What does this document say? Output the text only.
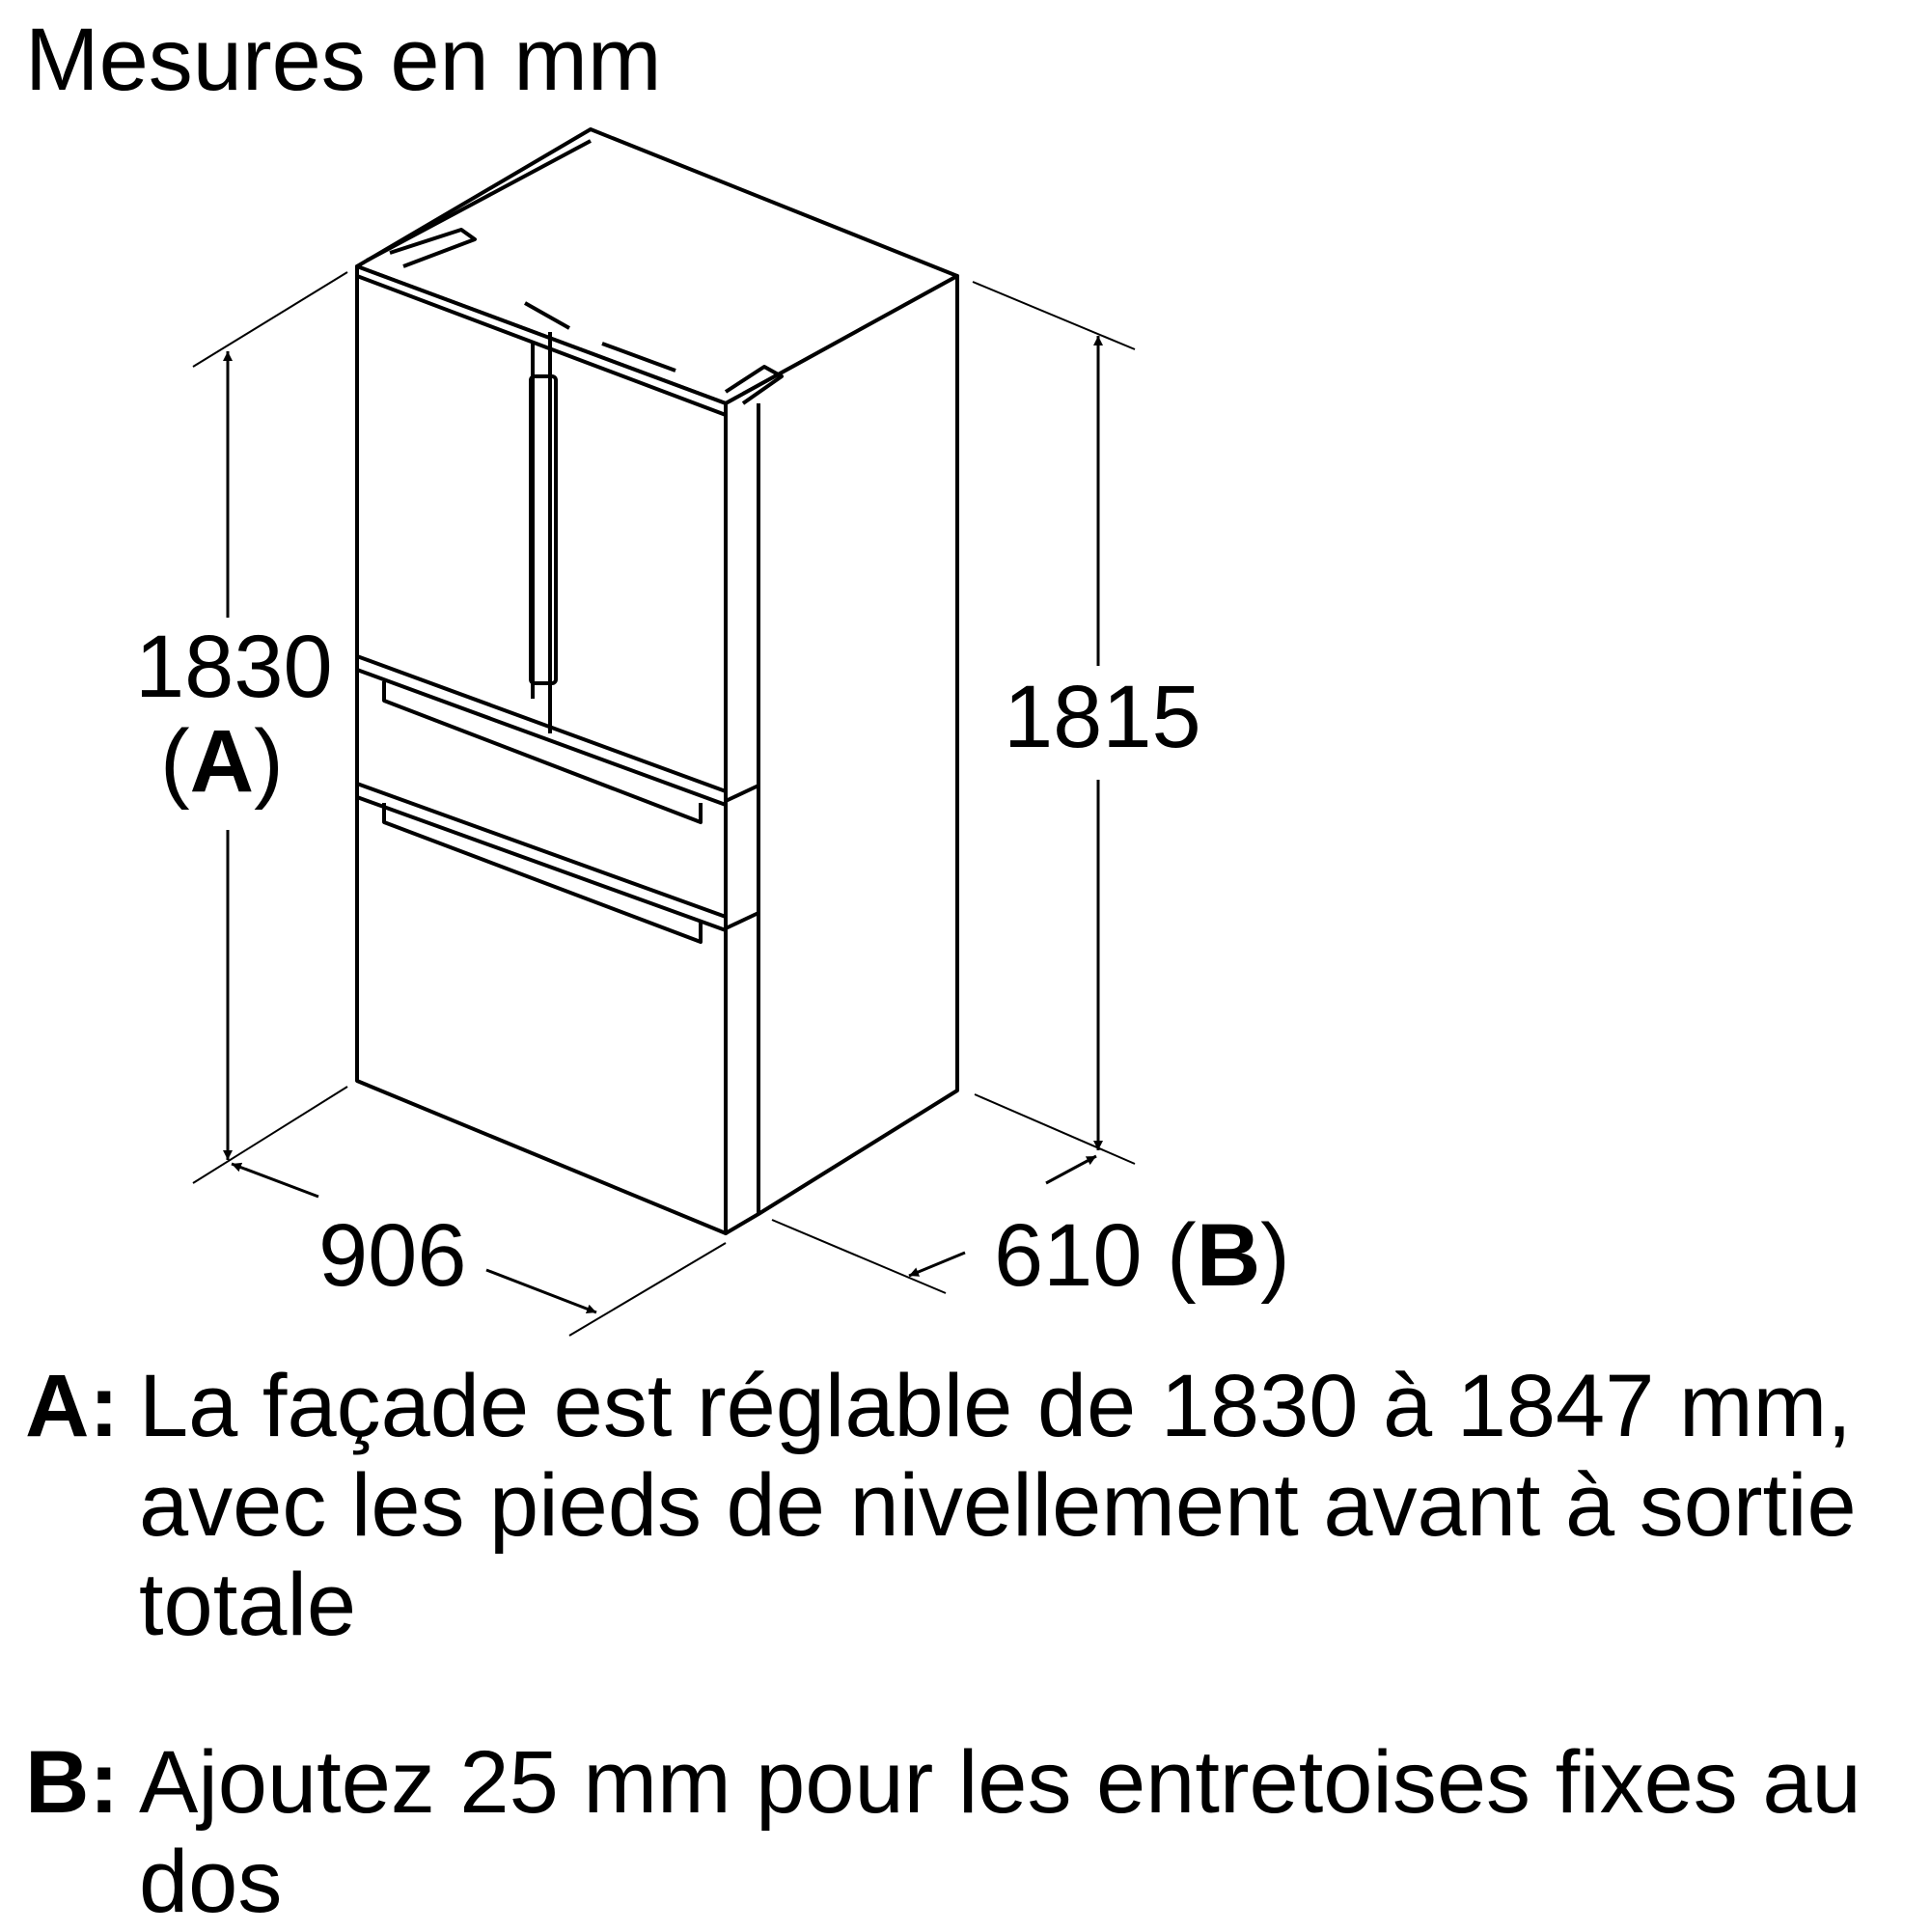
Mesures en mm
1830
(A)	1815
906	610 (B)
A: La façade est réglable de 1830 à 1847 mm, avec les pieds de nivellement avant à sortie totale
B: Ajoutez 25 mm pour les entretoises fixes au dos
